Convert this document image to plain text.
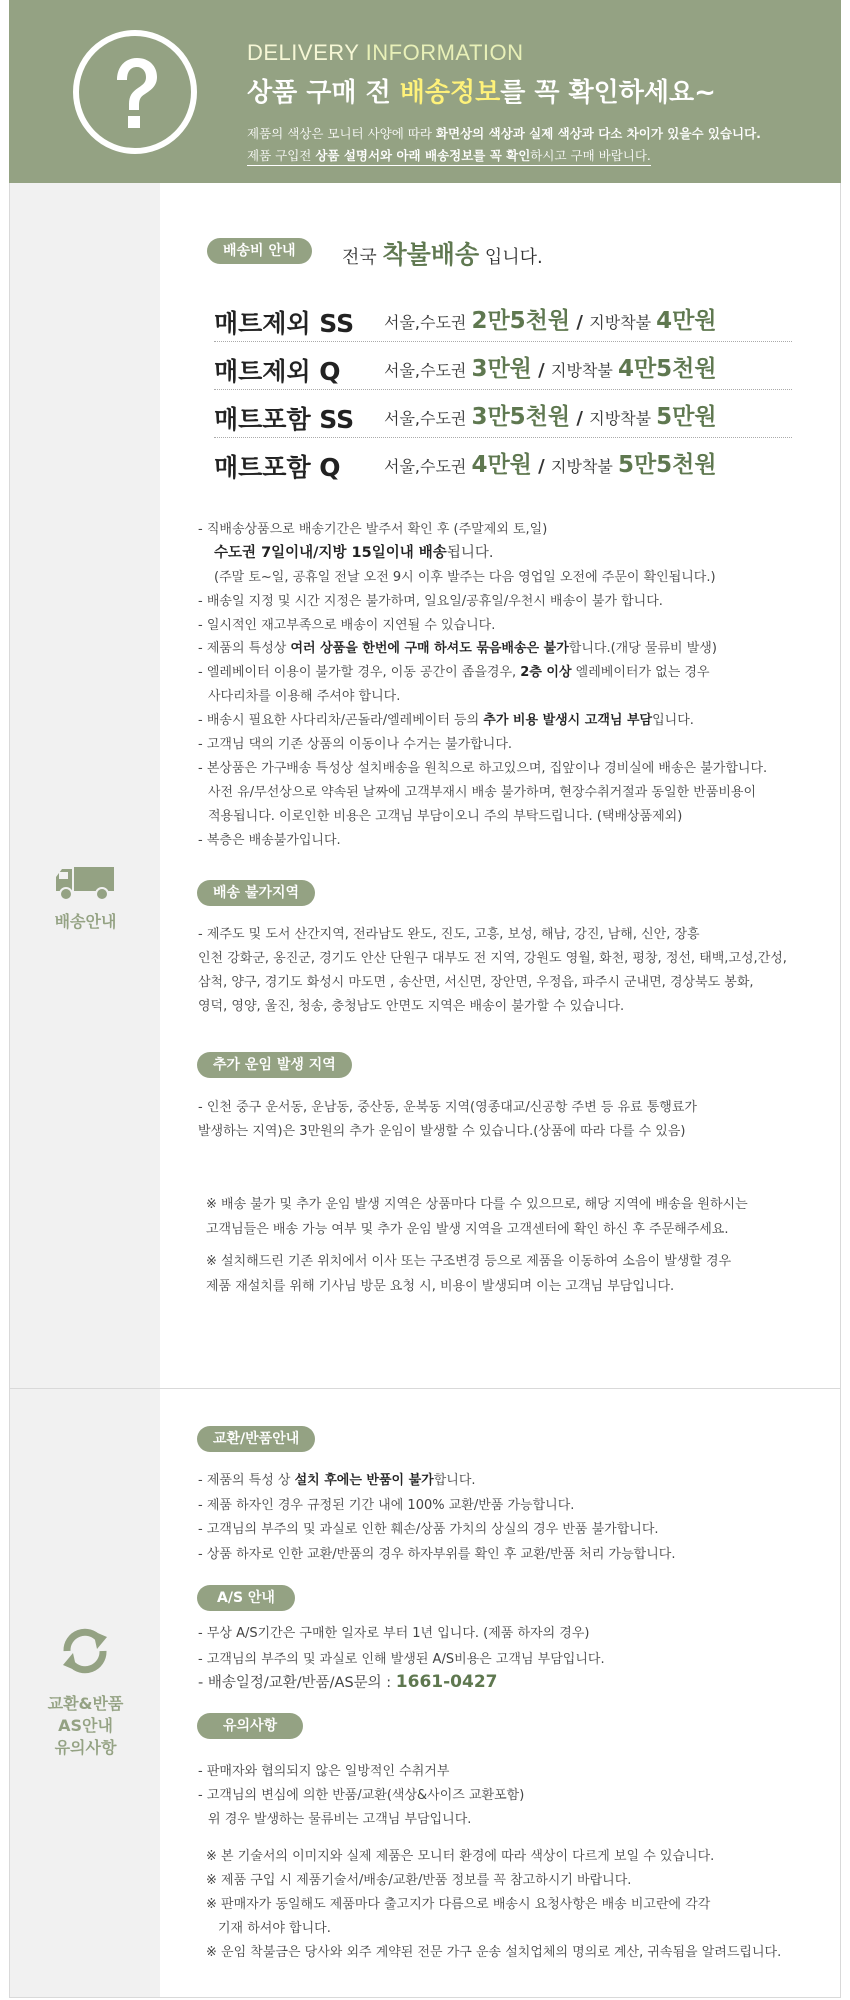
DELIVERY INFORMATION
상품 구매 전 배송정보를 꼭 확인하세요~
제품의 색상은 모니터 사양에 따라 화면상의 색상과 실제 색상과 다소 차이가 있을수 있습니다.
제품 구입전 상품 설명서와 아래 배송정보를 꼭 확인하시고 구매 바랍니다.
배송안내
배송비 안내	전국 착불배송 입니다.
매트제외 SS 서울,수도권 2만5천원 / 지방착불 4만원
매트제외 Q	서울,수도권 3만원 / 지방착불 4만5천원
매트포함 SS 서울,수도권 3만5천원 / 지방착불 5만원
매트포함 Q	서울,수도권 4만원 / 지방착불 5만5천원
- 직배송상품으로 배송기간은 발주서 확인 후 (주말제외 토,일)
수도권 7일이내/지방 15일이내 배송됩니다.
(주말 토~일, 공휴일 전날 오전 9시 이후 발주는 다음 영업일 오전에 주문이 확인됩니다.)
- 배송일 지정 및 시간 지정은 불가하며, 일요일/공휴일/우천시 배송이 불가 합니다.
- 일시적인 재고부족으로 배송이 지연될 수 있습니다.
- 제품의 특성상 여러 상품을 한번에 구매 하셔도 묶음배송은 불가합니다.(개당 물류비 발생)
- 엘레베이터 이용이 불가할 경우, 이동 공간이 좁을경우, 2층 이상 엘레베이터가 없는 경우
사다리차를 이용해 주셔야 합니다.
- 배송시 필요한 사다리차/곤돌라/엘레베이터 등의 추가 비용 발생시 고객님 부담입니다.
- 고객님 댁의 기존 상품의 이동이나 수거는 불가합니다.
- 본상품은 가구배송 특성상 설치배송을 원칙으로 하고있으며, 집앞이나 경비실에 배송은 불가합니다.
사전 유/무선상으로 약속된 날짜에 고객부재시 배송 불가하며, 현장수취거절과 동일한 반품비용이
적용됩니다. 이로인한 비용은 고객님 부담이오니 주의 부탁드립니다. (택배상품제외)
- 복층은 배송불가입니다.
배송 불가지역
- 제주도 및 도서 산간지역, 전라남도 완도, 진도, 고흥, 보성, 해남, 강진, 남해, 신안, 장흥
인천 강화군, 옹진군, 경기도 안산 단원구 대부도 전 지역, 강원도 영월, 화천, 평창, 정선, 태백,고성,간성,
삼척, 양구, 경기도 화성시 마도면 , 송산면, 서신면, 장안면, 우정읍, 파주시 군내면, 경상북도 봉화,
영덕, 영양, 울진, 청송, 충청남도 안면도 지역은 배송이 불가할 수 있습니다.
추가 운임 발생 지역
- 인천 중구 운서동, 운남동, 중산동, 운북동 지역(영종대교/신공항 주변 등 유료 통행료가
발생하는 지역)은 3만원의 추가 운임이 발생할 수 있습니다.(상품에 따라 다를 수 있음)
※ 배송 불가 및 추가 운임 발생 지역은 상품마다 다를 수 있으므로, 해당 지역에 배송을 원하시는
고객님들은 배송 가능 여부 및 추가 운임 발생 지역을 고객센터에 확인 하신 후 주문해주세요.
※ 설치해드린 기존 위치에서 이사 또는 구조변경 등으로 제품을 이동하여 소음이 발생할 경우
제품 재설치를 위해 기사님 방문 요청 시, 비용이 발생되며 이는 고객님 부담입니다.
교환&반품
AS안내
유의사항
교환/반품안내
- 제품의 특성 상 설치 후에는 반품이 불가합니다.
- 제품 하자인 경우 규정된 기간 내에 100% 교환/반품 가능합니다.
- 고객님의 부주의 및 과실로 인한 훼손/상품 가치의 상실의 경우 반품 불가합니다.
- 상품 하자로 인한 교환/반품의 경우 하자부위를 확인 후 교환/반품 처리 가능합니다.
A/S 안내
- 무상 A/S기간은 구매한 일자로 부터 1년 입니다. (제품 하자의 경우)
- 고객님의 부주의 및 과실로 인해 발생된 A/S비용은 고객님 부담입니다.
- 배송일정/교환/반품/AS문의 : 1661-0427
유의사항
- 판매자와 협의되지 않은 일방적인 수취거부
- 고객님의 변심에 의한 반품/교환(색상&사이즈 교환포함)
위 경우 발생하는 물류비는 고객님 부담입니다.
※ 본 기술서의 이미지와 실제 제품은 모니터 환경에 따라 색상이 다르게 보일 수 있습니다.
※ 제품 구입 시 제품기술서/배송/교환/반품 정보를 꼭 참고하시기 바랍니다.
※ 판매자가 동일해도 제품마다 출고지가 다름으로 배송시 요청사항은 배송 비고란에 각각
기재 하셔야 합니다.
※ 운임 착불금은 당사와 외주 계약된 전문 가구 운송 설치업체의 명의로 계산, 귀속됨을 알려드립니다.
